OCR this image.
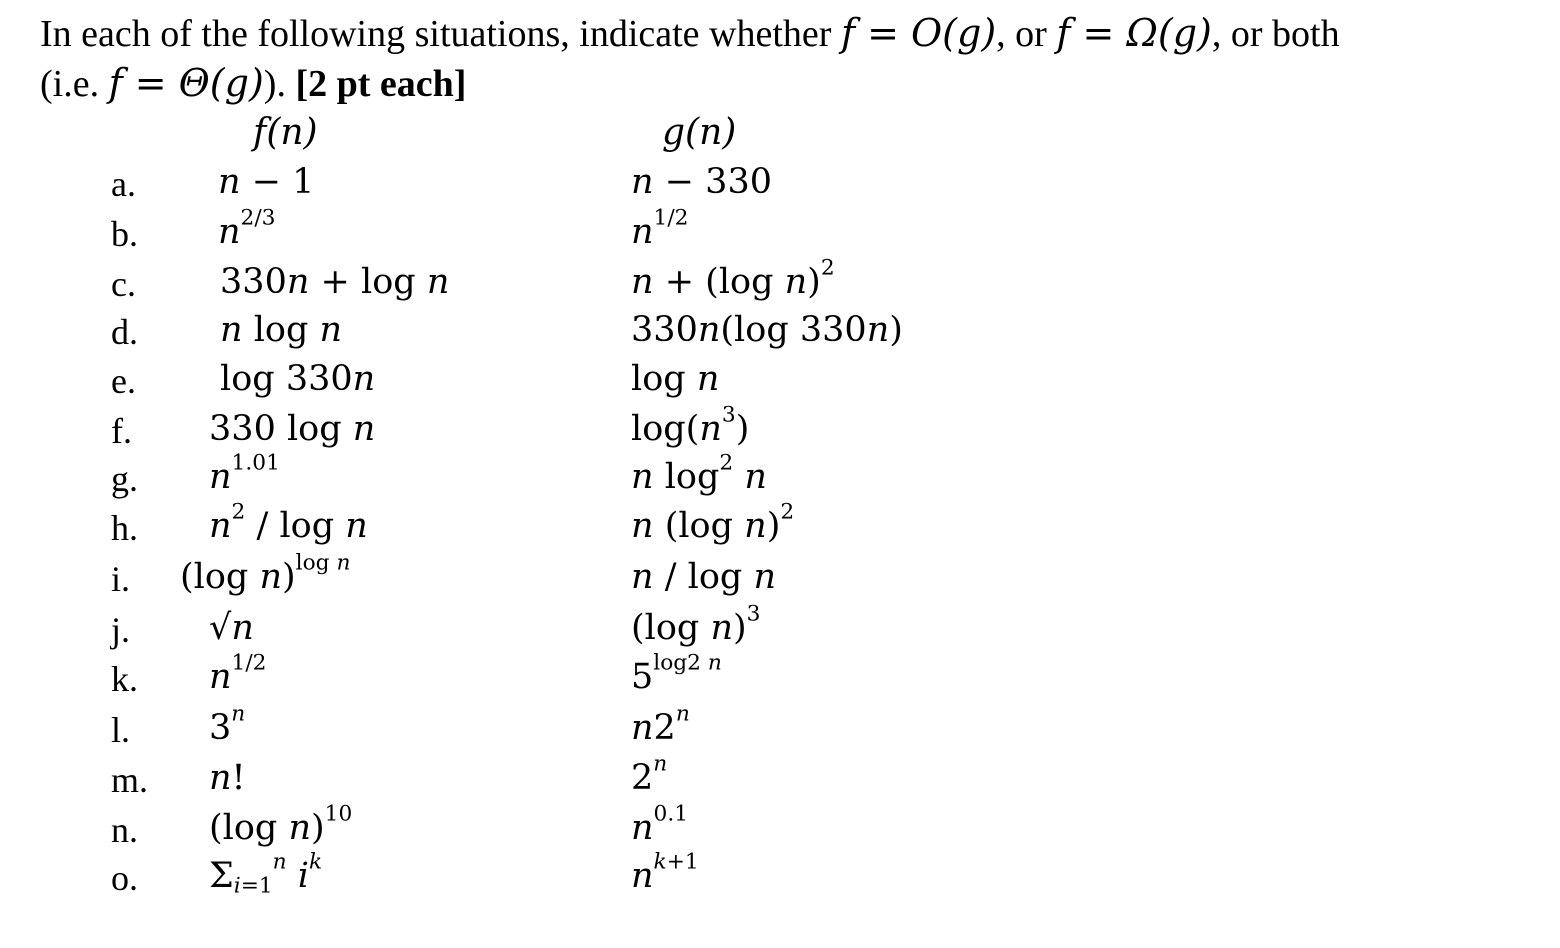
In each of the following situations, indicate whether f = O(g), or f = Ω(g), or both
(i.e. f = Θ(g)). [2 pt each]
f(n)	g(n)
a. n − 1	n − 330
b. $n^{2/3}$	$n^{1/2}$
c. 330n + log n	n + (log n)$^2$
d. n log n	330n(log 330n)
e. log 330n	log n
f. 330 log n	$\log(n^3)$
g. $n^{1.01}$	n $\log^2 n$
h. $n^2$ / log n	n (log n)$^2$
i. (log n)$^{log n}$	n / log n
j. √n	(log n)$^3$
k. $n^{1/2}$	$5^{log2 n}$
l. 3$^n$	n2$^n$
m. n!	2$^n$
n. (log n)$^{10}$	$n^{0.1}$
o. $\Sigma_{i=1}^n$ $i^k$	$n^{k+1}$
